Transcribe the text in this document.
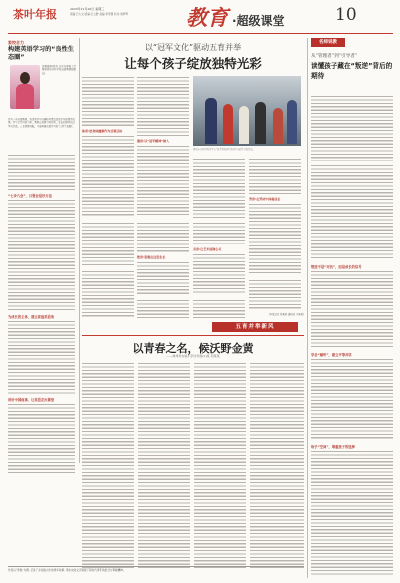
茶叶年报	2023年12月20日 星期三
责编:石大文 版编:石立群 美编:李雪蓉 校对:刘梦琴	教育 ·超级课堂	10
家校合力
构建英语学习的“良性生态圈”
孟娜蔓娟(漳州 北京外国语大学附属漳州实验学校英语教研组组长)
作为一名英语教师，我深知学习兴趣和习惯是提高学习成绩的关键。学生是学习的主体，教师应发挥引导作用，家长的陪伴则是坚实后盾，三者同频共振，才能构建英语学习的“良性生态圈”。
“七步六会”，只要会是好方法
为成长的主体，建立家庭英语角
讲好中国故事，让英语走出课堂
以“冠军文化”驱动五育并举
让每个孩子绽放独特光彩
体育:把身体健康作为首要目标
德育:以“冠军精神”树人
漳州市实验学校学生在“冠军进校园”活动中与冠军合影留念。
劳育:在劳动中体验成长
智育:思维在这里生长
美育:让艺术浸润心灵
(本报记者 郑某某 通讯员 李某某)
名师说教
从“管理者”到“引导者”
读懂孩子藏在“叛逆”背后的期待
叛逆不是“对抗”，而是成长的信号
学会“倾听”，建立平等对话
给予“空间”，尊重孩子的选择
五育并举新风
以青春之名，候沃野金黄
——漳州市实验小学四年级(2)班 何某某
作者以“青春”为题, 记录了乡村振兴中的青年故事, 用朴实的文字展现了新时代青年的担当与奉献精神。
